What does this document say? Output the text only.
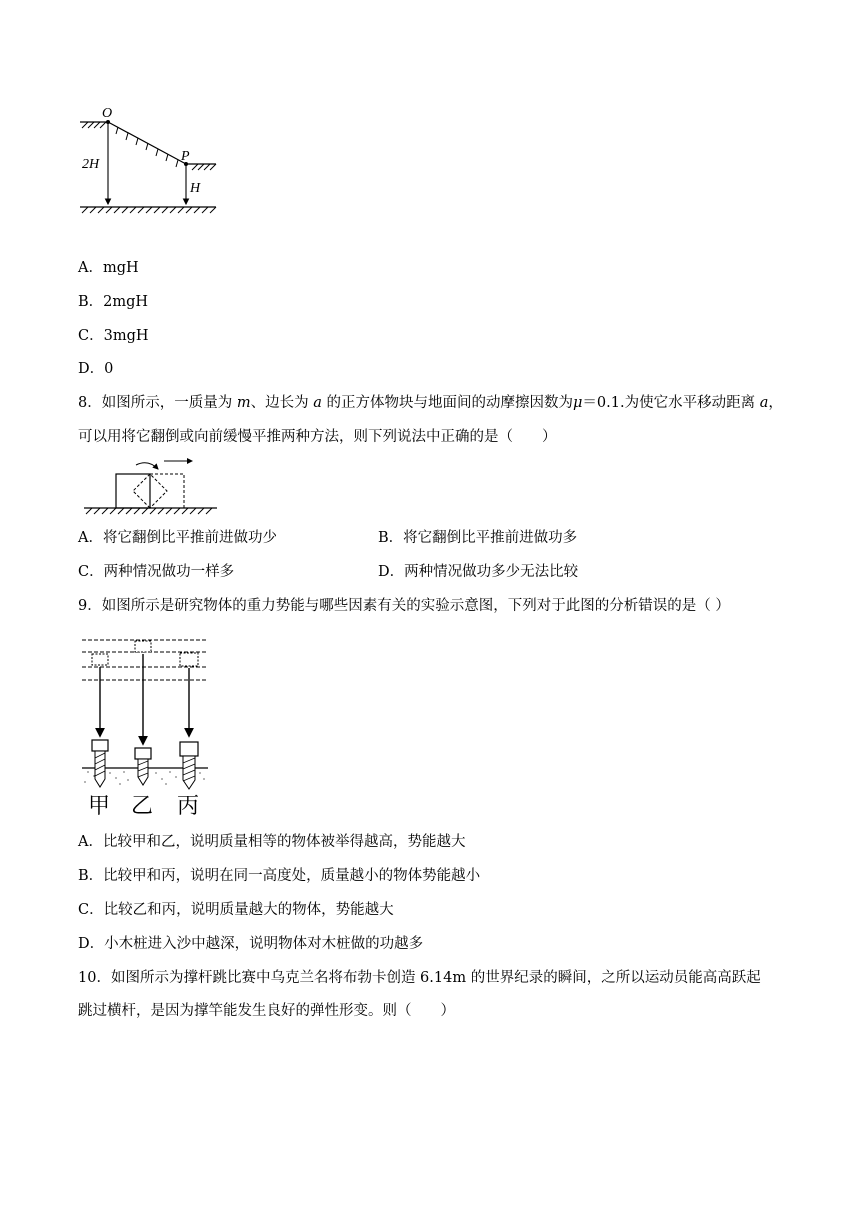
O
P
2H
H
A．mgH
B．2mgH
C．3mgH
D．0
8．如图所示，一质量为 m、边长为 a 的正方体物块与地面间的动摩擦因数为μ＝0.1.为使它水平移动距离 a，
可以用将它翻倒或向前缓慢平推两种方法，则下列说法中正确的是（　　）
A．将它翻倒比平推前进做功少	B．将它翻倒比平推前进做功多
C．两种情况做功一样多	D．两种情况做功多少无法比较
9．如图所示是研究物体的重力势能与哪些因素有关的实验示意图，下列对于此图的分析错误的是（ ）
甲 乙 丙
A．比较甲和乙，说明质量相等的物体被举得越高，势能越大
B．比较甲和丙，说明在同一高度处，质量越小的物体势能越小
C．比较乙和丙，说明质量越大的物体，势能越大
D．小木桩进入沙中越深，说明物体对木桩做的功越多
10．如图所示为撑杆跳比赛中乌克兰名将布勃卡创造 6.14m 的世界纪录的瞬间，之所以运动员能高高跃起
跳过横杆，是因为撑竿能发生良好的弹性形变。则（　　）
